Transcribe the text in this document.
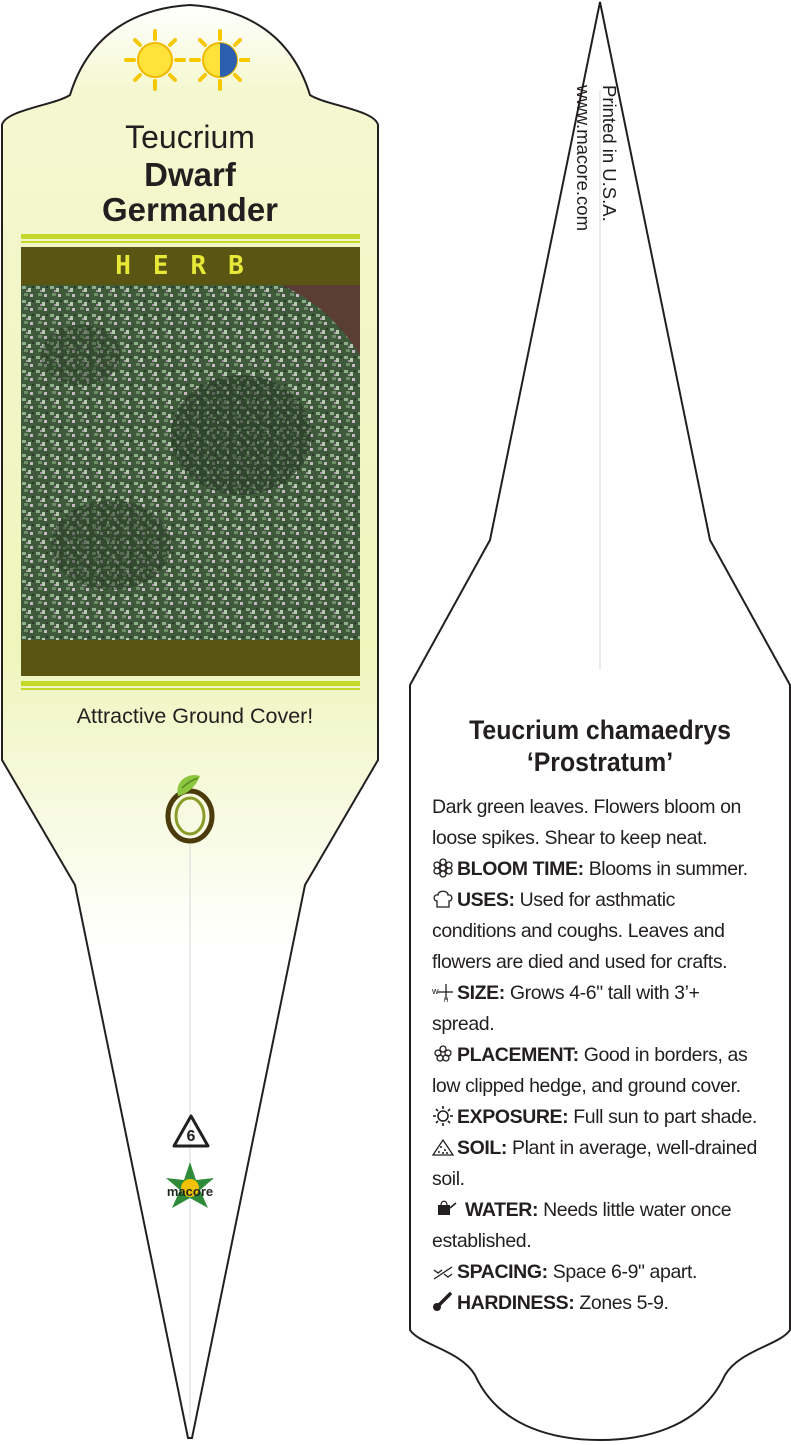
Teucrium
Dwarf
Germander
HERB
Attractive Ground Cover!
6
macore
Printed in U.S.A.
www.macore.com
Teucrium chamaedrys
‘Prostratum’

Dark green leaves. Flowers bloom on loose spikes. Shear to keep neat.

BLOOM TIME: Blooms in summer.

USES: Used for asthmatic conditions and coughs. Leaves and flowers are died and used for crafts.

W
H SIZE: Grows 4-6" tall with 3’+ spread.

PLACEMENT: Good in borders, as low clipped hedge, and ground cover.

EXPOSURE: Full sun to part shade.

SOIL: Plant in average, well-drained soil.

WATER: Needs little water once established.

SPACING: Space 6-9" apart.

HARDINESS: Zones 5-9.
